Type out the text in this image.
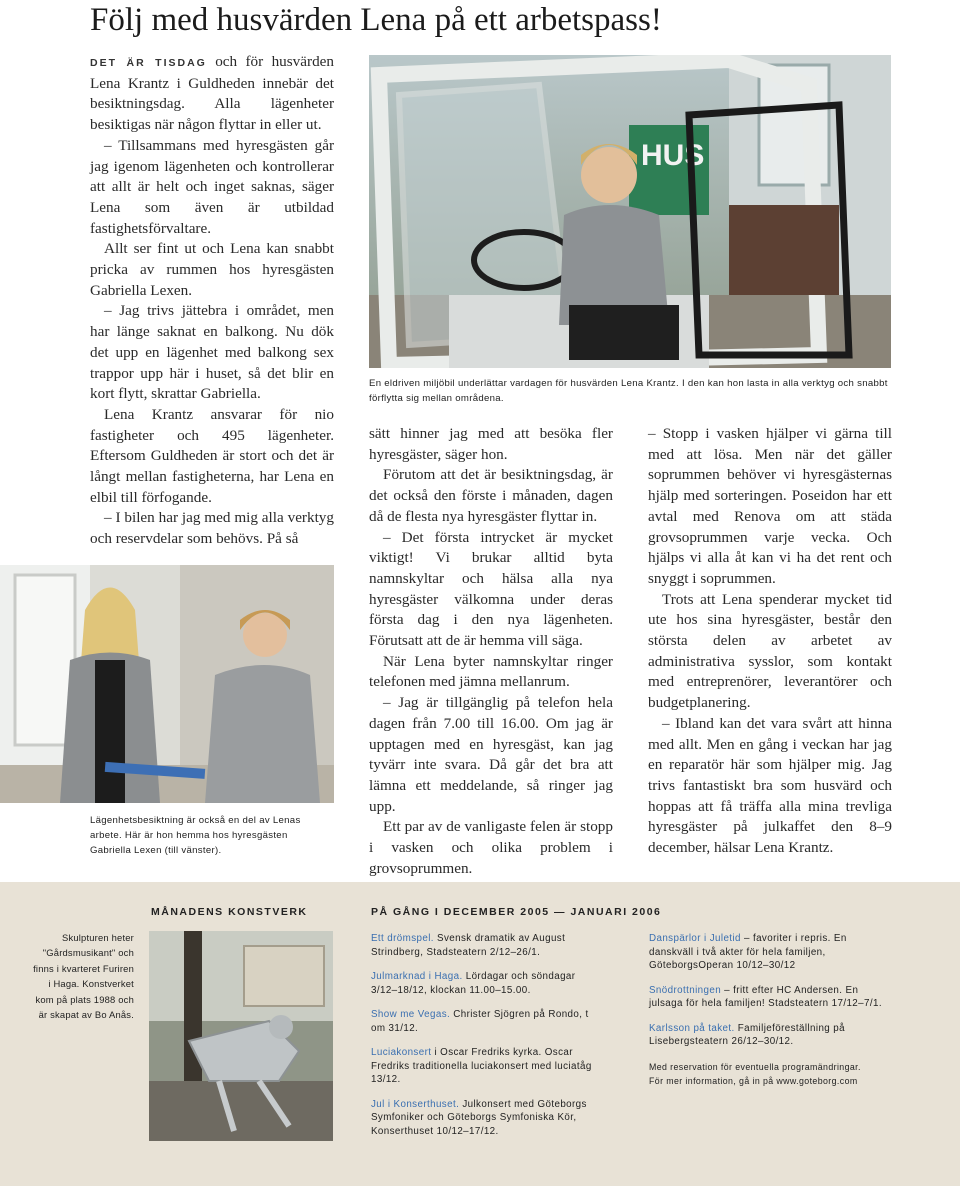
Följ med husvärden Lena på ett arbetspass!

DET ÄR TISDAG och för husvärden Lena Krantz i Guldheden innebär det besiktningsdag. Alla lägenheter besiktigas när någon flyttar in eller ut.

– Tillsammans med hyresgästen går jag igenom lägenheten och kontrollerar att allt är helt och inget saknas, säger Lena som även är utbildad fastighetsförvaltare.

Allt ser fint ut och Lena kan snabbt pricka av rummen hos hyresgästen Gabriella Lexen.

– Jag trivs jättebra i området, men har länge saknat en balkong. Nu dök det upp en lägenhet med balkong sex trappor upp här i huset, så det blir en kort flytt, skrattar Gabriella.

Lena Krantz ansvarar för nio fastigheter och 495 lägenheter. Eftersom Guldheden är stort och det är långt mellan fastigheterna, har Lena en elbil till förfogande.

– I bilen har jag med mig alla verktyg och reservdelar som behövs. På så

HUS
En eldriven miljöbil underlättar vardagen för husvärden Lena Krantz. I den kan hon lasta in alla verktyg och snabbt förflytta sig mellan områdena.

sätt hinner jag med att besöka fler hyresgäster, säger hon.

Förutom att det är besiktningsdag, är det också den förste i månaden, dagen då de flesta nya hyresgäster flyttar in.

– Det första intrycket är mycket viktigt! Vi brukar alltid byta namnskyltar och hälsa alla nya hyresgäster välkomna under deras första dag i den nya lägenheten. Förutsatt att de är hemma vill säga.

När Lena byter namnskyltar ringer telefonen med jämna mellanrum.

– Jag är tillgänglig på telefon hela dagen från 7.00 till 16.00. Om jag är upptagen med en hyresgäst, kan jag tyvärr inte svara. Då går det bra att lämna ett meddelande, så ringer jag upp.

Ett par av de vanligaste felen är stopp i vasken och olika problem i grovsoprummen.

– Stopp i vasken hjälper vi gärna till med att lösa. Men när det gäller soprummen behöver vi hyresgästernas hjälp med sorteringen. Poseidon har ett avtal med Renova om att städa grovsoprummen varje vecka. Och hjälps vi alla åt kan vi ha det rent och snyggt i soprummen.

Trots att Lena spenderar mycket tid ute hos sina hyresgäster, består den största delen av arbetet av administrativa sysslor, som kontakt med entreprenörer, leverantörer och budgetplanering.

– Ibland kan det vara svårt att hinna med allt. Men en gång i veckan har jag en reparatör här som hjälper mig. Jag trivs fantastiskt bra som husvärd och hoppas att få träffa alla mina trevliga hyresgäster på julkaffet den 8–9 december, hälsar Lena Krantz.

Lägenhetsbesiktning är också en del av Lenas arbete. Här är hon hemma hos hyresgästen Gabriella Lexen (till vänster).
MÅNADENS KONSTVERK	PÅ GÅNG I DECEMBER 2005 — JANUARI 2006
Skulpturen heter "Gårdsmusikant" och finns i kvarteret Furiren i Haga. Konstverket kom på plats 1988 och är skapat av Bo Anås.
Ett drömspel. Svensk dramatik av August Strindberg, Stadsteatern 2/12–26/1.
Julmarknad i Haga. Lördagar och söndagar 3/12–18/12, klockan 11.00–15.00.
Show me Vegas. Christer Sjögren på Rondo, t om 31/12.
Luciakonsert i Oscar Fredriks kyrka. Oscar Fredriks traditionella luciakonsert med luciatåg 13/12.
Jul i Konserthuset. Julkonsert med Göteborgs Symfoniker och Göteborgs Symfoniska Kör, Konserthuset 10/12–17/12.
Danspärlor i Juletid – favoriter i repris. En danskväll i två akter för hela familjen, GöteborgsOperan 10/12–30/12
Snödrottningen – fritt efter HC Andersen. En julsaga för hela familjen! Stadsteatern 17/12–7/1.
Karlsson på taket. Familjeföreställning på Lisebergsteatern 26/12–30/12.
Med reservation för eventuella programändringar.
För mer information, gå in på www.goteborg.com
